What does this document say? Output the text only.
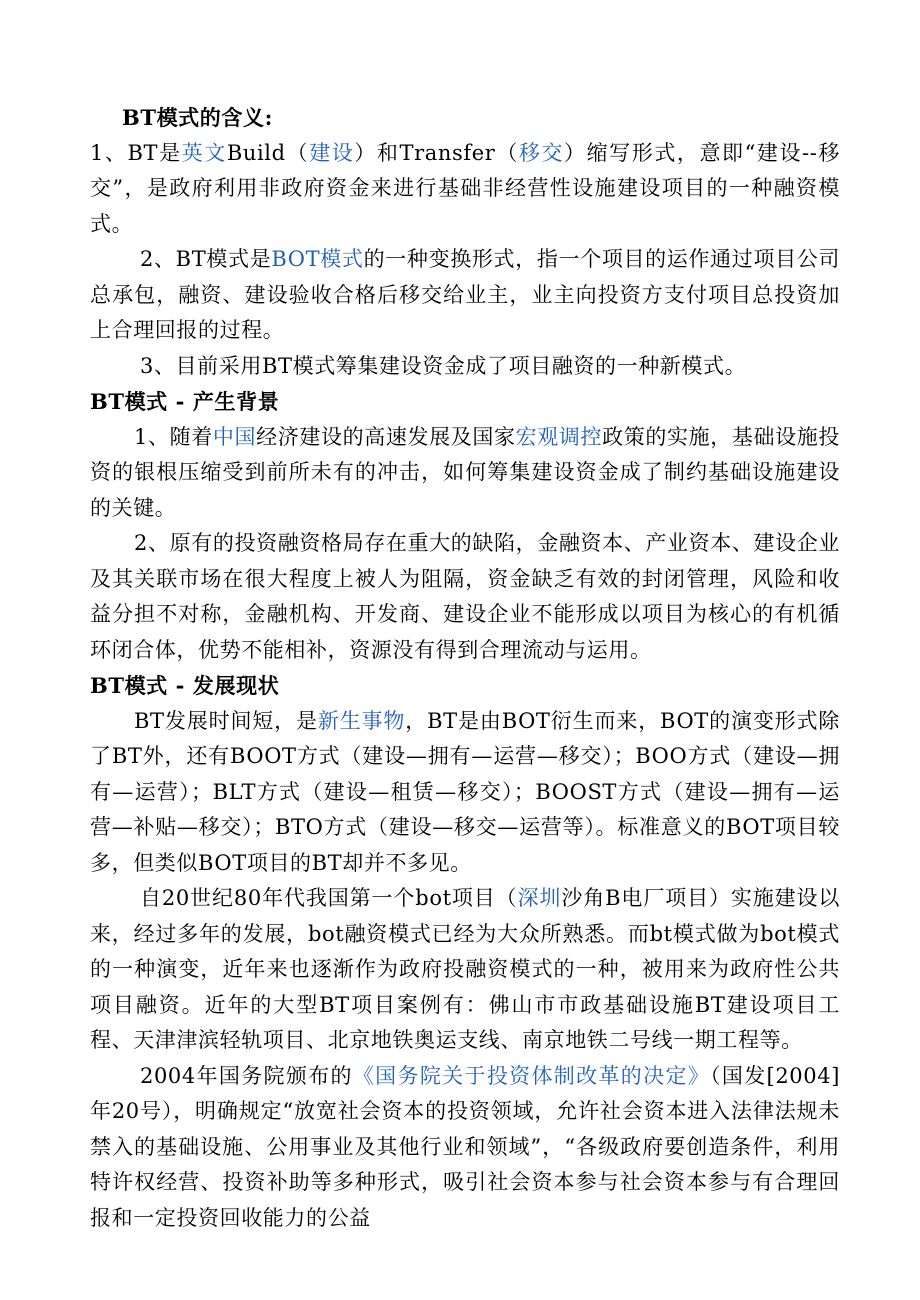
BT模式的含义:

1、BT是英文Build（建设）和Transfer（移交）缩写形式，意即“建设--移交”，是政府利用非政府资金来进行基础非经营性设施建设项目的一种融资模式。

2、BT模式是BOT模式的一种变换形式，指一个项目的运作通过项目公司总承包，融资、建设验收合格后移交给业主，业主向投资方支付项目总投资加上合理回报的过程。

3、目前采用BT模式筹集建设资金成了项目融资的一种新模式。

BT模式 - 产生背景

1、随着中国经济建设的高速发展及国家宏观调控政策的实施，基础设施投资的银根压缩受到前所未有的冲击，如何筹集建设资金成了制约基础设施建设的关键。

2、原有的投资融资格局存在重大的缺陷，金融资本、产业资本、建设企业及其关联市场在很大程度上被人为阻隔，资金缺乏有效的封闭管理，风险和收益分担不对称，金融机构、开发商、建设企业不能形成以项目为核心的有机循环闭合体，优势不能相补，资源没有得到合理流动与运用。

BT模式 - 发展现状

BT发展时间短，是新生事物，BT是由BOT衍生而来，BOT的演变形式除了BT外，还有BOOT方式（建设—拥有—运营—移交）；BOO方式（建设—拥有—运营）；BLT方式（建设—租赁—移交）；BOOST方式（建设—拥有—运营—补贴—移交）；BTO方式（建设—移交—运营等）。标准意义的BOT项目较多，但类似BOT项目的BT却并不多见。

自20世纪80年代我国第一个bot项目（深圳沙角B电厂项目）实施建设以来，经过多年的发展，bot融资模式已经为大众所熟悉。而bt模式做为bot模式的一种演变，近年来也逐渐作为政府投融资模式的一种，被用来为政府性公共项目融资。近年的大型BT项目案例有：佛山市市政基础设施BT建设项目工程、天津津滨轻轨项目、北京地铁奥运支线、南京地铁二号线一期工程等。

2004年国务院颁布的《国务院关于投资体制改革的决定》（国发[2004]年20号），明确规定“放宽社会资本的投资领域，允许社会资本进入法律法规未禁入的基础设施、公用事业及其他行业和领域”，“各级政府要创造条件，利用特许权经营、投资补助等多种形式，吸引社会资本参与社会资本参与有合理回报和一定投资回收能力的公益
